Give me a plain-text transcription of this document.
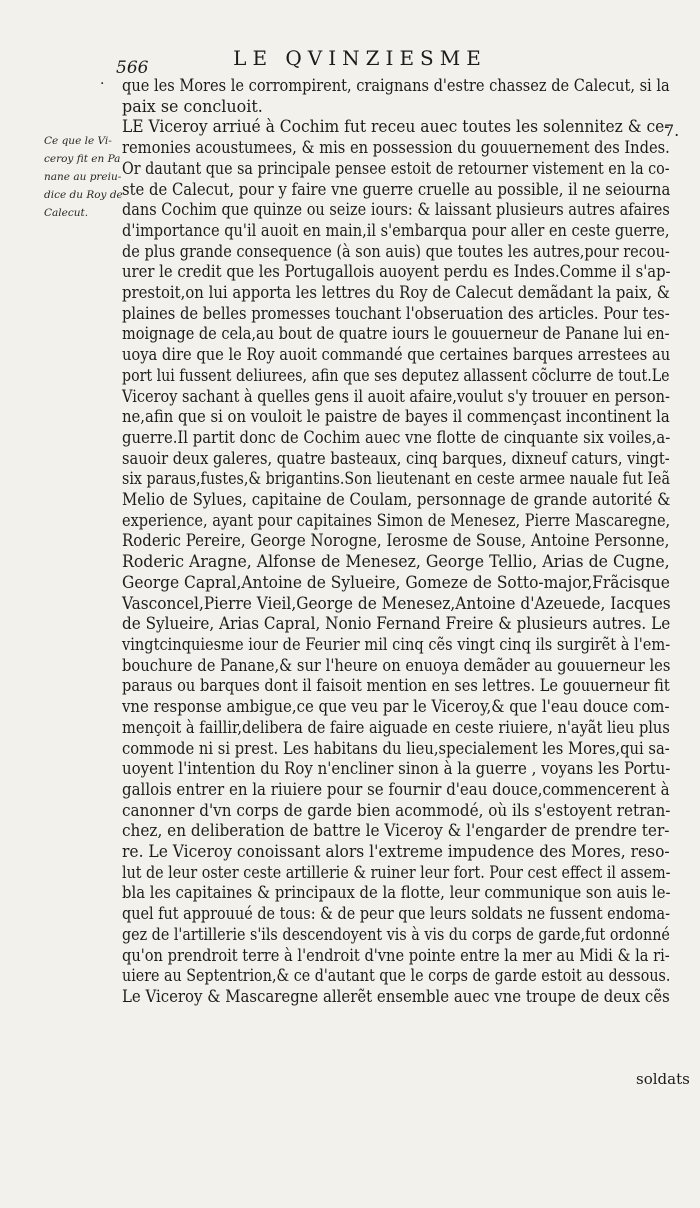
566	LE QVINZIESME
·
Ce que le Vi-
ceroy fit en Pa
nane au preiu-
dice du Roy de
Calecut.
7.
que les Mores le corrompirent, craignans d'estre chassez de Calecut, si la
paix se concluoit.
LE Viceroy arriué à Cochim fut receu auec toutes les solennitez & ce-
remonies acoustumees, & mis en possession du gouuernement des Indes.
Or dautant que sa principale pensee estoit de retourner vistement en la co-
ste de Calecut, pour y faire vne guerre cruelle au possible, il ne seiourna
dans Cochim que quinze ou seize iours: & laissant plusieurs autres afaires
d'importance qu'il auoit en main,il s'embarqua pour aller en ceste guerre,
de plus grande consequence (à son auis) que toutes les autres,pour recou-
urer le credit que les Portugallois auoyent perdu es Indes.Comme il s'ap-
prestoit,on lui apporta les lettres du Roy de Calecut demãdant la paix, &
plaines de belles promesses touchant l'obseruation des articles. Pour tes-
moignage de cela,au bout de quatre iours le gouuerneur de Panane lui en-
uoya dire que le Roy auoit commandé que certaines barques arrestees au
port lui fussent deliurees, afin que ses deputez allassent cõclurre de tout.Le
Viceroy sachant à quelles gens il auoit afaire,voulut s'y trouuer en person-
ne,afin que si on vouloit le paistre de bayes il commençast incontinent la
guerre.Il partit donc de Cochim auec vne flotte de cinquante six voiles,a-
sauoir deux galeres, quatre basteaux, cinq barques, dixneuf caturs, vingt-
six paraus,fustes,& brigantins.Son lieutenant en ceste armee nauale fut Ieã
Melio de Sylues, capitaine de Coulam, personnage de grande autorité &
experience, ayant pour capitaines Simon de Menesez, Pierre Mascaregne,
Roderic Pereire, George Norogne, Ierosme de Souse, Antoine Personne,
Roderic Aragne, Alfonse de Menesez, George Tellio, Arias de Cugne,
George Capral,Antoine de Sylueire, Gomeze de Sotto-major,Frãcisque
Vasconcel,Pierre Vieil,George de Menesez,Antoine d'Azeuede, Iacques
de Sylueire, Arias Capral, Nonio Fernand Freire & plusieurs autres. Le
vingtcinquiesme iour de Feurier mil cinq cẽs vingt cinq ils surgirẽt à l'em-
bouchure de Panane,& sur l'heure on enuoya demãder au gouuerneur les
paraus ou barques dont il faisoit mention en ses lettres. Le gouuerneur fit
vne response ambigue,ce que veu par le Viceroy,& que l'eau douce com-
mençoit à faillir,delibera de faire aiguade en ceste riuiere, n'ayãt lieu plus
commode ni si prest. Les habitans du lieu,specialement les Mores,qui sa-
uoyent l'intention du Roy n'encliner sinon à la guerre , voyans les Portu-
gallois entrer en la riuiere pour se fournir d'eau douce,commencerent à
canonner d'vn corps de garde bien acommodé, où ils s'estoyent retran-
chez, en deliberation de battre le Viceroy & l'engarder de prendre ter-
re. Le Viceroy conoissant alors l'extreme impudence des Mores, reso-
lut de leur oster ceste artillerie & ruiner leur fort. Pour cest effect il assem-
bla les capitaines & principaux de la flotte, leur communique son auis le-
quel fut approuué de tous: & de peur que leurs soldats ne fussent endoma-
gez de l'artillerie s'ils descendoyent vis à vis du corps de garde,fut ordonné
qu'on prendroit terre à l'endroit d'vne pointe entre la mer au Midi & la ri-
uiere au Septentrion,& ce d'autant que le corps de garde estoit au dessous.
Le Viceroy & Mascaregne allerẽt ensemble auec vne troupe de deux cẽs
soldats
